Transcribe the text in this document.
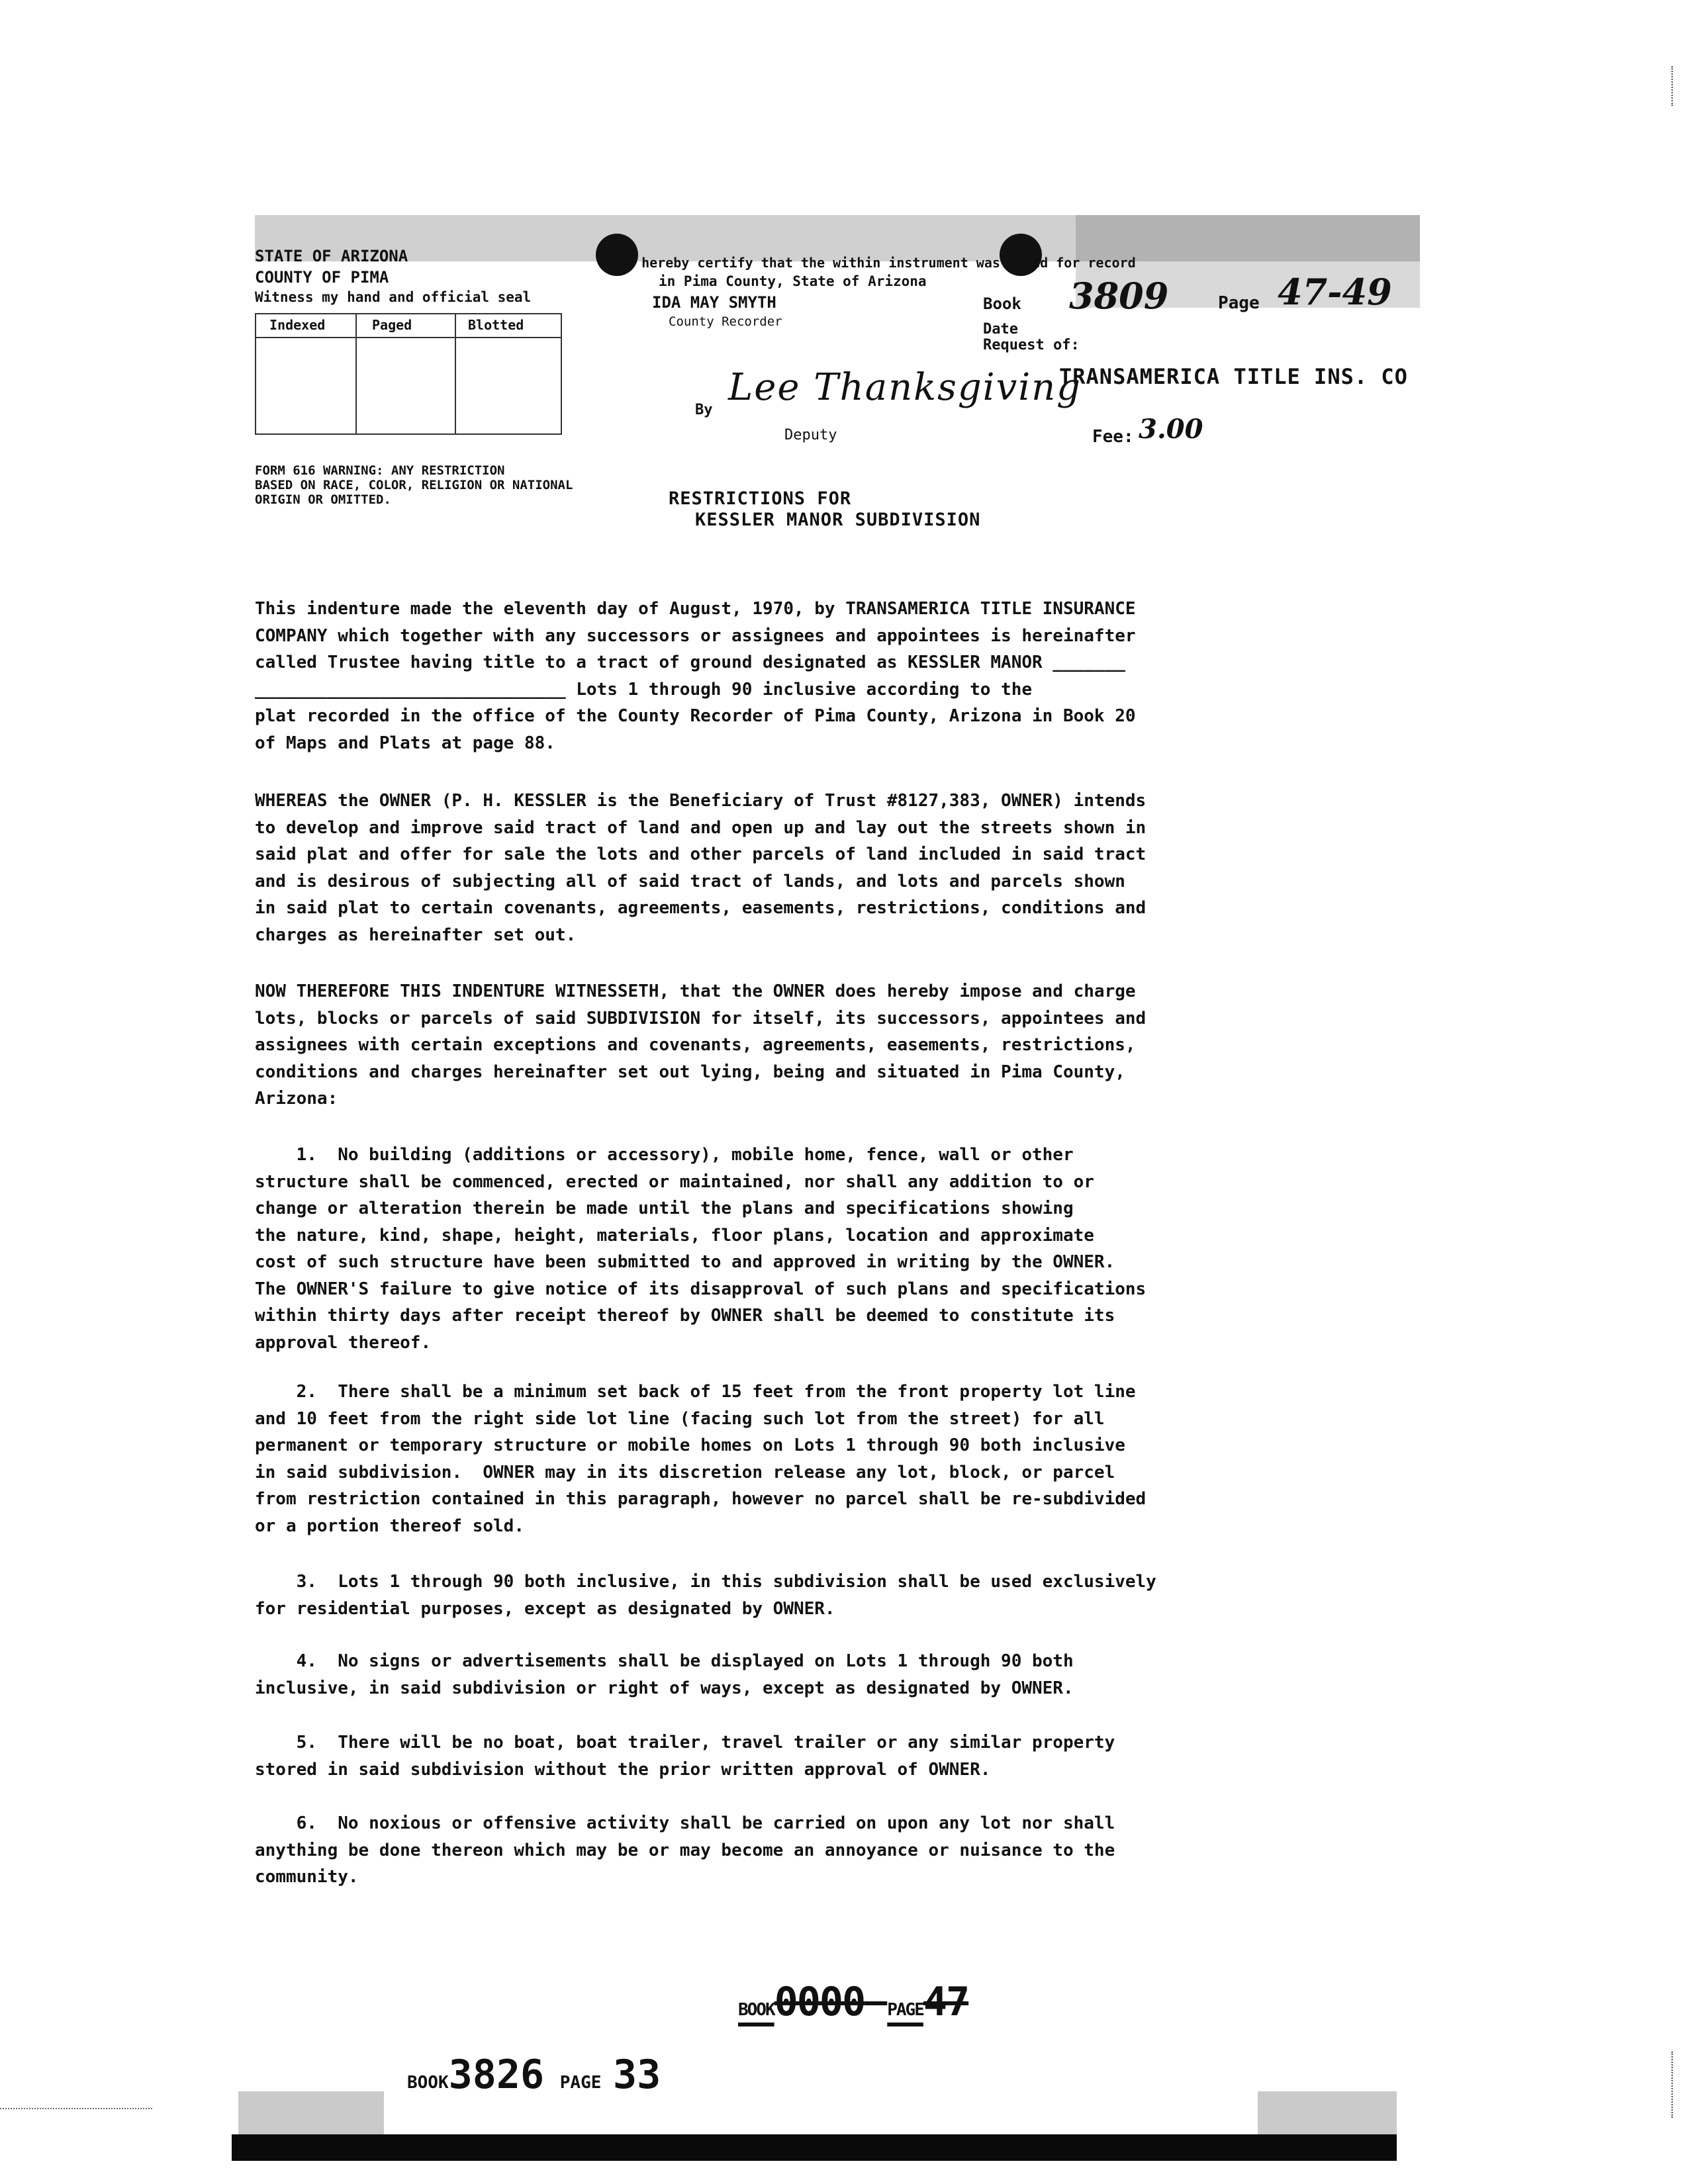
STATE OF ARIZONA
COUNTY OF PIMA
Witness my hand and official seal
I hereby certify that the within instrument was filed for record
in Pima County, State of Arizona
IDA MAY SMYTH
County Recorder
Indexed	Paged	Blotted
By
Lee Thanksgiving
Deputy
Book 3809	Page 47-49
Date
Request of:
TRANSAMERICA TITLE INS. CO
Fee: 3.00
FORM 616 WARNING: ANY RESTRICTION
BASED ON RACE, COLOR, RELIGION OR NATIONAL
ORIGIN OR OMITTED.	RESTRICTIONS FOR
KESSLER MANOR SUBDIVISION
This indenture made the eleventh day of August, 1970, by TRANSAMERICA TITLE INSURANCE
COMPANY which together with any successors or assignees and appointees is hereinafter
called Trustee having title to a tract of ground designated as KESSLER MANOR _______
______________________________ Lots 1 through 90 inclusive according to the
plat recorded in the office of the County Recorder of Pima County, Arizona in Book 20
of Maps and Plats at page 88.
WHEREAS the OWNER (P. H. KESSLER is the Beneficiary of Trust #8127,383, OWNER) intends
to develop and improve said tract of land and open up and lay out the streets shown in
said plat and offer for sale the lots and other parcels of land included in said tract
and is desirous of subjecting all of said tract of lands, and lots and parcels shown
in said plat to certain covenants, agreements, easements, restrictions, conditions and
charges as hereinafter set out.
NOW THEREFORE THIS INDENTURE WITNESSETH, that the OWNER does hereby impose and charge
lots, blocks or parcels of said SUBDIVISION for itself, its successors, appointees and
assignees with certain exceptions and covenants, agreements, easements, restrictions,
conditions and charges hereinafter set out lying, being and situated in Pima County,
Arizona:
1.  No building (additions or accessory), mobile home, fence, wall or other
structure shall be commenced, erected or maintained, nor shall any addition to or
change or alteration therein be made until the plans and specifications showing
the nature, kind, shape, height, materials, floor plans, location and approximate
cost of such structure have been submitted to and approved in writing by the OWNER.
The OWNER'S failure to give notice of its disapproval of such plans and specifications
within thirty days after receipt thereof by OWNER shall be deemed to constitute its
approval thereof.
2.  There shall be a minimum set back of 15 feet from the front property lot line
and 10 feet from the right side lot line (facing such lot from the street) for all
permanent or temporary structure or mobile homes on Lots 1 through 90 both inclusive
in said subdivision.  OWNER may in its discretion release any lot, block, or parcel
from restriction contained in this paragraph, however no parcel shall be re-subdivided
or a portion thereof sold.
3.  Lots 1 through 90 both inclusive, in this subdivision shall be used exclusively
for residential purposes, except as designated by OWNER.
4.  No signs or advertisements shall be displayed on Lots 1 through 90 both
inclusive, in said subdivision or right of ways, except as designated by OWNER.
5.  There will be no boat, boat trailer, travel trailer or any similar property
stored in said subdivision without the prior written approval of OWNER.
6.  No noxious or offensive activity shall be carried on upon any lot nor shall
anything be done thereon which may be or may become an annoyance or nuisance to the
community.
BOOK0000 PAGE47
BOOK3826 PAGE 33
